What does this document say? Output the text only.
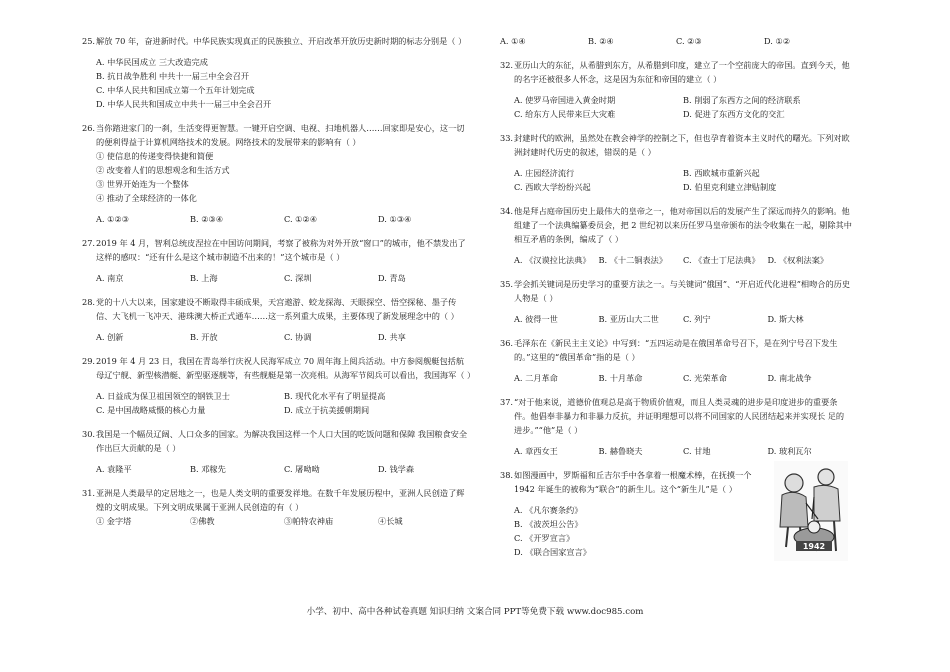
25. 解放 70 年，奋进新时代。中华民族实现真正的民族独立、开启改革开放历史新时期的标志分别是（ ）
A. 中华民国成立 三大改造完成
B. 抗日战争胜利 中共十一届三中全会召开
C. 中华人民共和国成立第一个五年计划完成
D. 中华人民共和国成立中共十一届三中全会召开
26. 当你踏进家门的一刹，生活变得更智慧。一键开启空调、电视、扫地机器人……回家即是安心，这一切的便利得益于计算机网络技术的发展。网络技术的发展带来的影响有（ ）
① 使信息的传递变得快捷和简便
② 改变着人们的思想观念和生活方式
③ 世界开始连为一个整体
④ 推动了全球经济的一体化
A. ①②③	B. ②③④	C. ①②④	D. ①③④
27. 2019 年 4 月，智利总统皮涅拉在中国访问期间，考察了被称为对外开放“窗口”的城市，他不禁发出了这样的感叹：“还有什么是这个城市制造不出来的！”这个城市是（ ）
A. 南京	B. 上海	C. 深圳	D. 青岛
28. 党的十八大以来，国家建设不断取得丰硕成果，天宫遨游、蛟龙探海、天眼探空、悟空探秘、墨子传信、大飞机一飞冲天、港珠澳大桥正式通车……这一系列重大成果，主要体现了新发展理念中的（ ）
A. 创新	B. 开放	C. 协调	D. 共享
29. 2019 年 4 月 23 日，我国在青岛举行庆祝人民海军成立 70 周年海上阅兵活动。中方参阅舰艇包括航母辽宁舰、新型核潜艇、新型驱逐舰等，有些舰艇是第一次亮相。从海军节阅兵可以看出，我国海军（ ）
A. 日益成为保卫祖国领空的钢铁卫士	B. 现代化水平有了明显提高
C. 是中国战略威慑的核心力量	D. 成立于抗美援朝期间
30. 我国是一个幅员辽阔、人口众多的国家。为解决我国这样一个人口大国的吃饭问题和保障 我国粮食安全作出巨大贡献的是（ ）
A. 袁隆平	B. 邓稼先	C. 屠呦呦	D. 钱学森
31. 亚洲是人类最早的定居地之一，也是人类文明的重要发祥地。在数千年发展历程中，亚洲人民创造了辉煌的文明成果。下列文明成果属于亚洲人民创造的有（ ）
① 金字塔	②佛教	③帕特农神庙	④长城
A. ①④	B. ②④	C. ②③	D. ①②
32. 亚历山大的东征，从希腊到东方，从希腊到印度，建立了一个空前庞大的帝国。直到今天，他的名字还被很多人怀念，这是因为东征和帝国的建立（ ）
A. 使罗马帝国进入黄金时期	B. 削弱了东西方之间的经济联系
C. 给东方人民带来巨大灾难	D. 促进了东西方文化的交汇
33. 封建时代的欧洲，虽然处在教会神学的控制之下，但也孕育着资本主义时代的曙光。下列对欧洲封建时代历史的叙述，错误的是（ ）
A. 庄园经济流行	B. 西欧城市重新兴起
C. 西欧大学纷纷兴起	D. 伯里克利建立津贴制度
34. 他是拜占庭帝国历史上最伟大的皇帝之一，他对帝国以后的发展产生了深远而持久的影响。他组建了一个法典编纂委员会，把 2 世纪初以来历任罗马皇帝颁布的法令收集在一起，剔除其中相互矛盾的条例，编成了（ ）
A. 《汉谟拉比法典》 B. 《十二铜表法》	C. 《查士丁尼法典》 D. 《权利法案》
35. 学会抓关键词是历史学习的重要方法之一。与关键词“俄国”、“开启近代化进程”相吻合的历史人物是（ ）
A. 彼得一世	B. 亚历山大二世	C. 列宁	D. 斯大林
36. 毛泽东在《新民主主义论》中写到：“五四运动是在俄国革命号召下，是在列宁号召下发生的。”这里的“俄国革命”指的是（ ）
A. 二月革命	B. 十月革命	C. 光荣革命	D. 南北战争
37. “对于他来说，道德价值观总是高于物质价值观，而且人类灵魂的进步是印度进步的重要条件。他倡奉非暴力和非暴力反抗，并证明理想可以将不同国家的人民团结起来并实现长 足的进步。”“他”是（ ）
A. 章西女王	B. 赫鲁晓夫	C. 甘地	D. 玻利瓦尔
38. 如图漫画中，罗斯福和丘吉尔手中各拿着一根魔术棒，在抚摸一个 1942 年诞生的被称为“联合”的新生儿。这个“新生儿”是（ ）
A. 《凡尔赛条约》
B. 《波茨坦公告》
C. 《开罗宣言》
D. 《联合国家宣言》
1942
小学、初中、高中各种试卷真题 知识归纳 文案合同 PPT等免费下载 www.doc985.com
